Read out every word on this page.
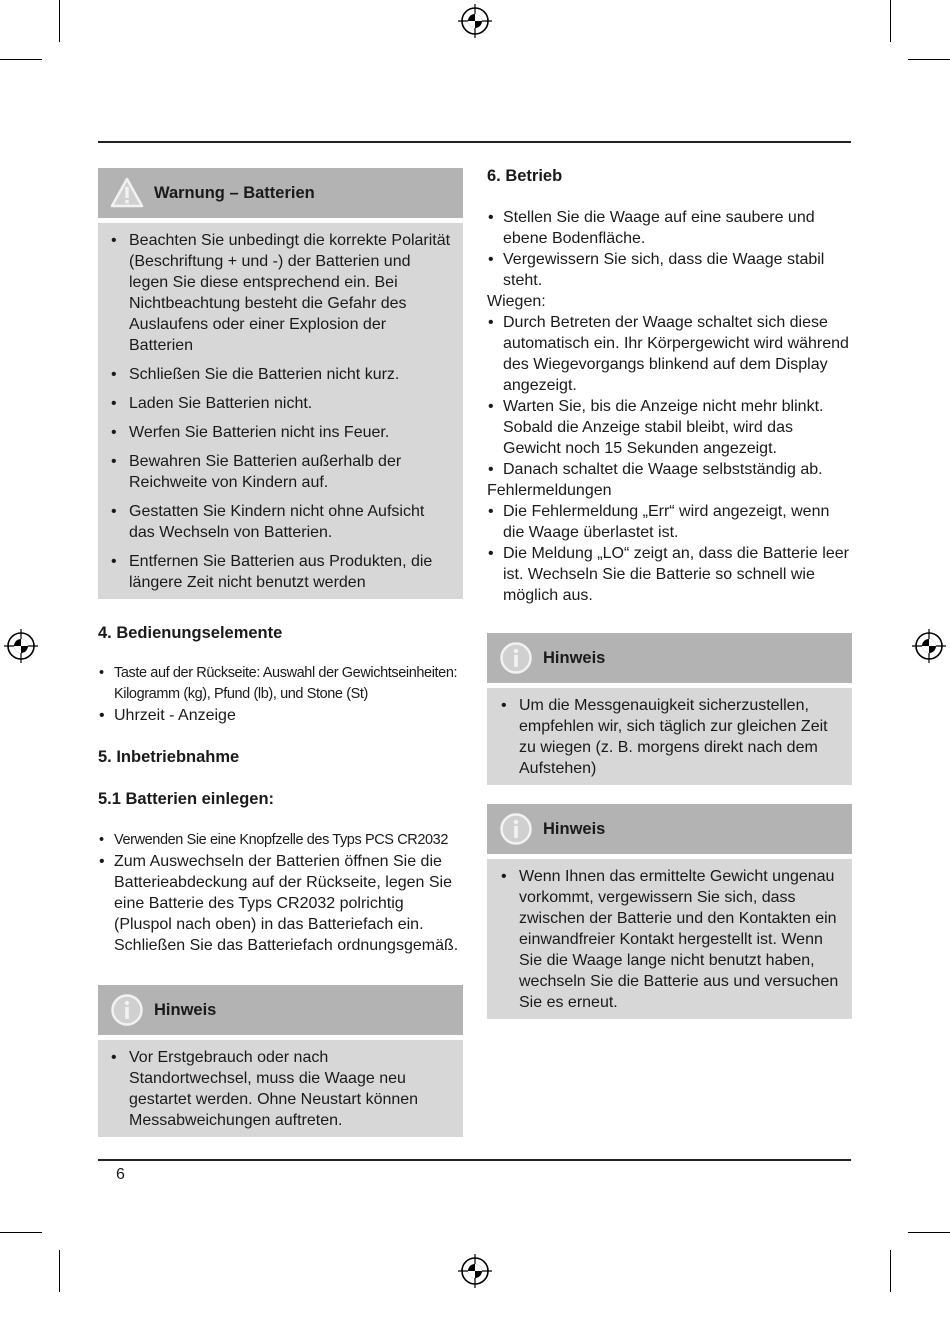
Warnung – Batterien
• Beachten Sie unbedingt die korrekte Polarität (Beschriftung + und -) der Batterien und legen Sie diese entsprechend ein. Bei Nichtbeachtung besteht die Gefahr des Auslaufens oder einer Explosion der Batterien
• Schließen Sie die Batterien nicht kurz.
• Laden Sie Batterien nicht.
• Werfen Sie Batterien nicht ins Feuer.
• Bewahren Sie Batterien außerhalb der Reichweite von Kindern auf.
• Gestatten Sie Kindern nicht ohne Aufsicht das Wechseln von Batterien.
• Entfernen Sie Batterien aus Produkten, die längere Zeit nicht benutzt werden
4. Bedienungselemente
• Taste auf der Rückseite: Auswahl der Gewichtseinheiten: Kilogramm (kg), Pfund (lb), und Stone (St)
• Uhrzeit - Anzeige
5. Inbetriebnahme
5.1 Batterien einlegen:
• Verwenden Sie eine Knopfzelle des Typs PCS CR2032
• Zum Auswechseln der Batterien öffnen Sie die Batterieabdeckung auf der Rückseite, legen Sie eine Batterie des Typs CR2032 polrichtig (Pluspol nach oben) in das Batteriefach ein. Schließen Sie das Batteriefach ordnungsgemäß.
Hinweis
• Vor Erstgebrauch oder nach Standortwechsel, muss die Waage neu gestartet werden. Ohne Neustart können Messabweichungen auftreten.
6. Betrieb
• Stellen Sie die Waage auf eine saubere und ebene Bodenfläche.
• Vergewissern Sie sich, dass die Waage stabil steht.

Wiegen:

• Durch Betreten der Waage schaltet sich diese automatisch ein. Ihr Körpergewicht wird während des Wiegevorgangs blinkend auf dem Display angezeigt.
• Warten Sie, bis die Anzeige nicht mehr blinkt. Sobald die Anzeige stabil bleibt, wird das Gewicht noch 15 Sekunden angezeigt.
• Danach schaltet die Waage selbstständig ab.

Fehlermeldungen

• Die Fehlermeldung „Err“ wird angezeigt, wenn die Waage überlastet ist.
• Die Meldung „LO“ zeigt an, dass die Batterie leer ist. Wechseln Sie die Batterie so schnell wie möglich aus.
Hinweis
• Um die Messgenauigkeit sicherzustellen, empfehlen wir, sich täglich zur gleichen Zeit zu wiegen (z. B. morgens direkt nach dem Aufstehen)
Hinweis
• Wenn Ihnen das ermittelte Gewicht ungenau vorkommt, vergewissern Sie sich, dass zwischen der Batterie und den Kontakten ein einwandfreier Kontakt hergestellt ist. Wenn Sie die Waage lange nicht benutzt haben, wechseln Sie die Batterie aus und versuchen Sie es erneut.
6
